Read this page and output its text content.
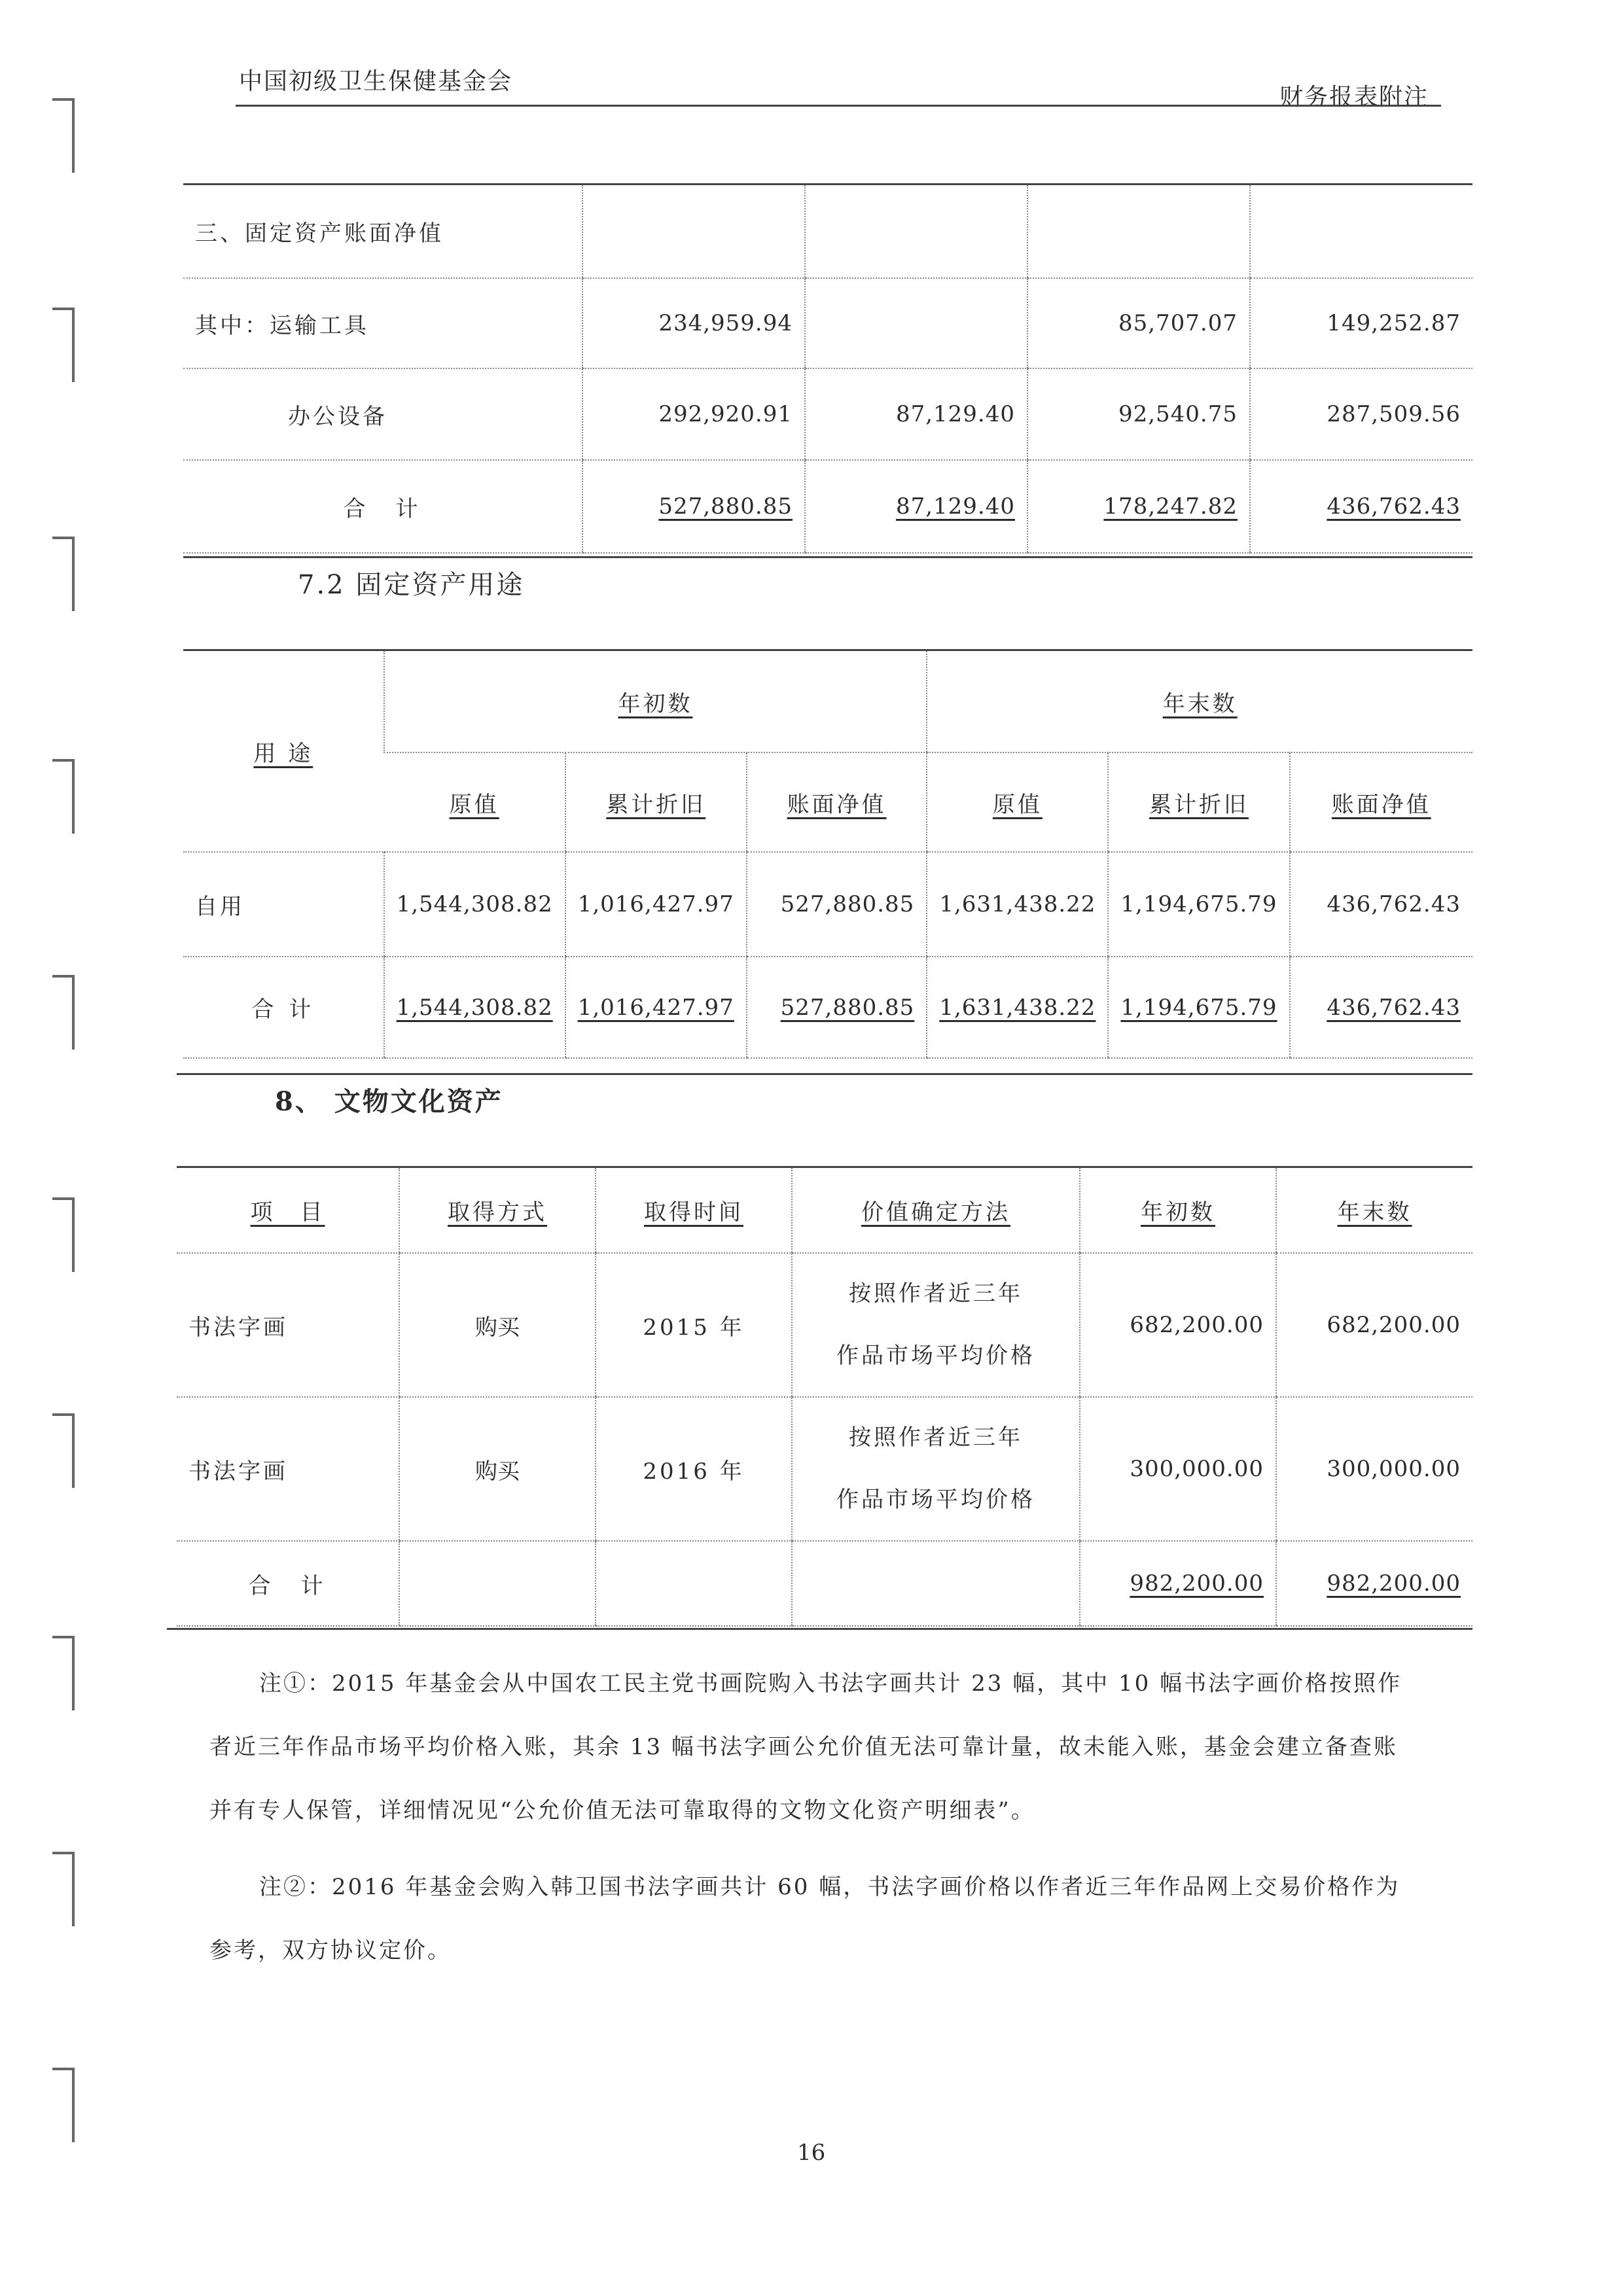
中国初级卫生保健基金会
财务报表附注
三、固定资产账面净值				
其中：运输工具	234,959.94		85,707.07	149,252.87
办公设备	292,920.91	87,129.40	92,540.75	287,509.56
合　计	527,880.85	87,129.40	178,247.82	436,762.43
7.2 固定资产用途
用 途	年初数			年末数		
	原值	累计折旧	账面净值	原值	累计折旧	账面净值
自用	1,544,308.82	1,016,427.97	527,880.85	1,631,438.22	1,194,675.79	436,762.43
合 计	1,544,308.82	1,016,427.97	527,880.85	1,631,438.22	1,194,675.79	436,762.43
8、 文物文化资产
项　目	取得方式	取得时间	价值确定方法	年初数	年末数
书法字画	购买	2015 年	按照作者近三年
作品市场平均价格	682,200.00	682,200.00
书法字画	购买	2016 年	按照作者近三年
作品市场平均价格	300,000.00	300,000.00
合　计				982,200.00	982,200.00

注①：2015 年基金会从中国农工民主党书画院购入书法字画共计 23 幅，其中 10 幅书法字画价格按照作者近三年作品市场平均价格入账，其余 13 幅书法字画公允价值无法可靠计量，故未能入账，基金会建立备查账并有专人保管，详细情况见“公允价值无法可靠取得的文物文化资产明细表”。

注②：2016 年基金会购入韩卫国书法字画共计 60 幅，书法字画价格以作者近三年作品网上交易价格作为参考，双方协议定价。

16
